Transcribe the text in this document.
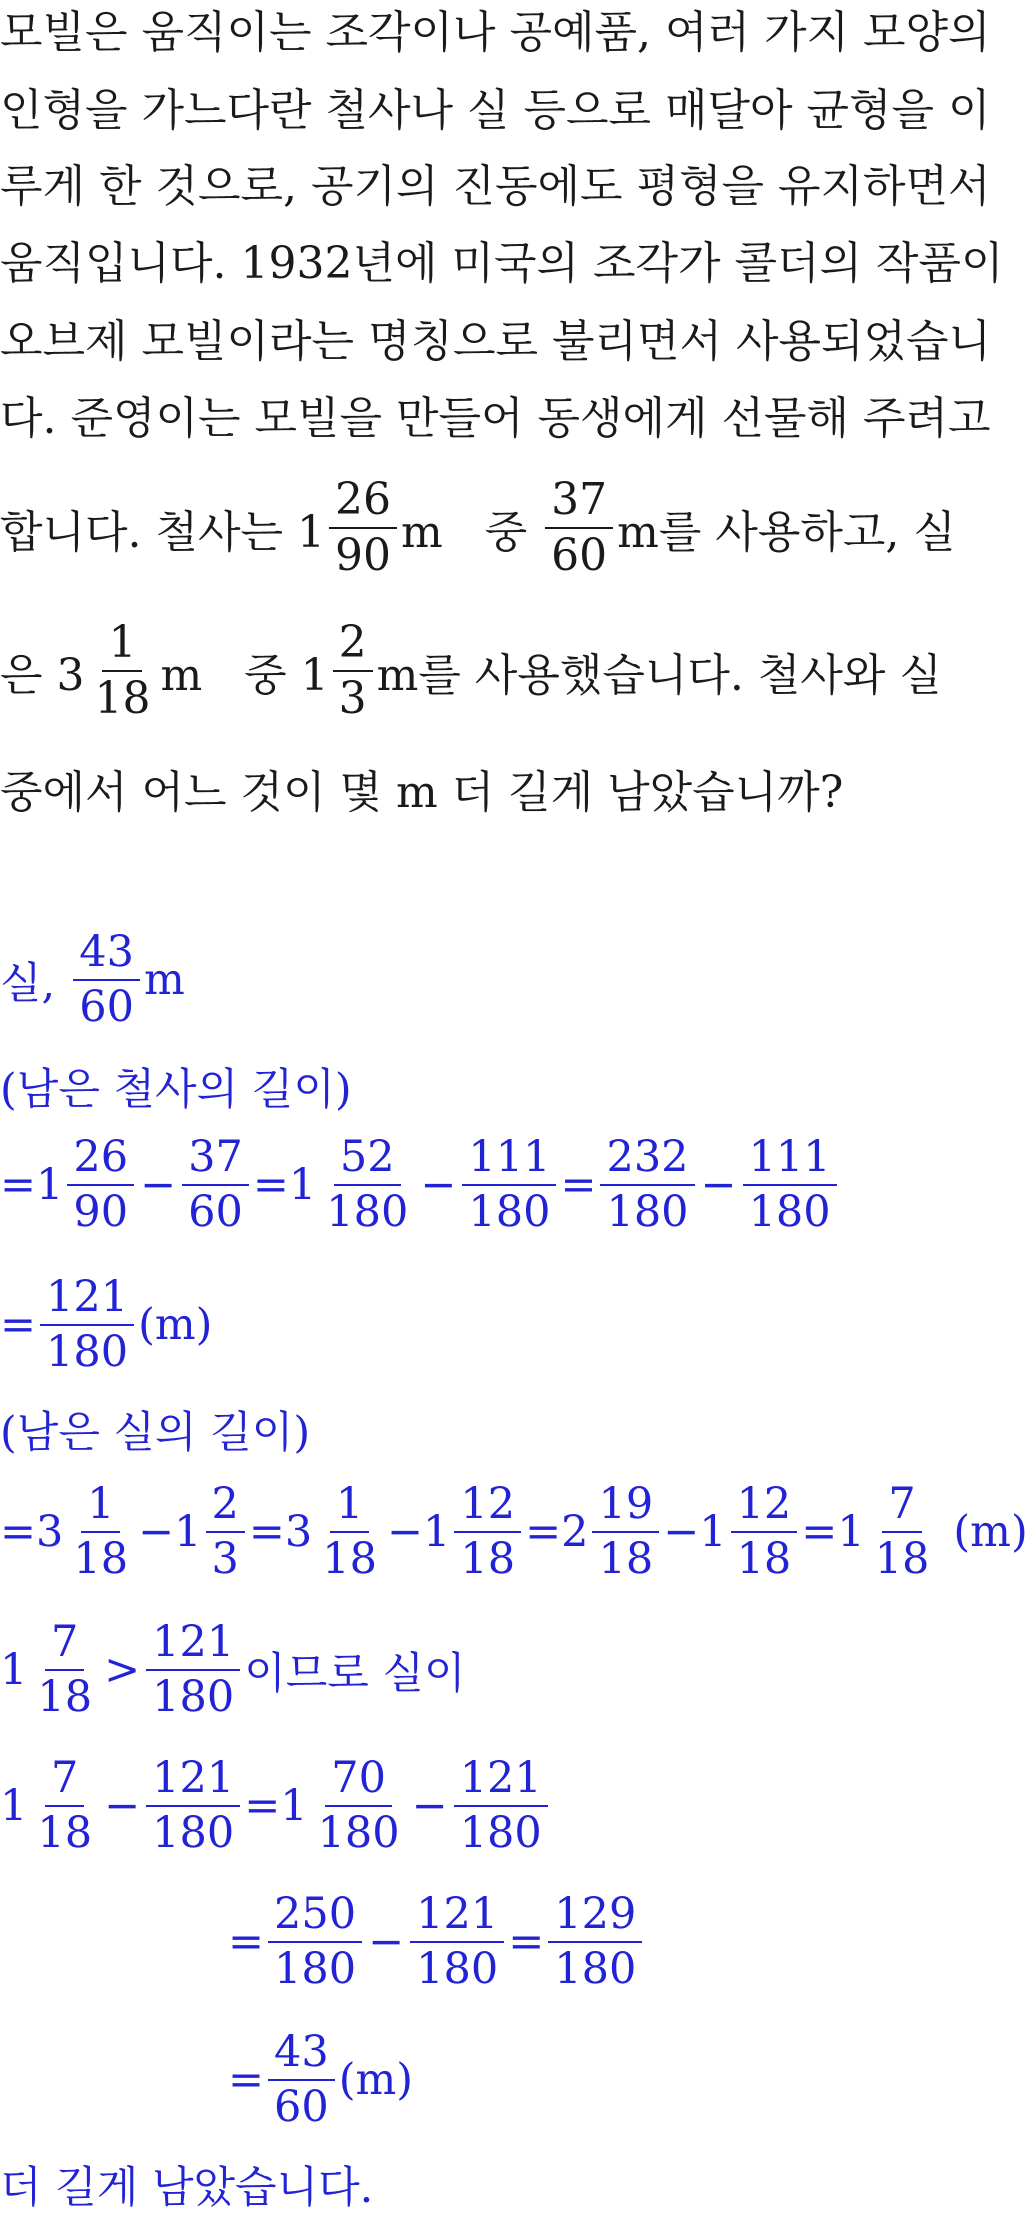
모빌은 움직이는 조각이나 공예품, 여러 가지 모양의
인형을 가느다란 철사나 실 등으로 매달아 균형을 이
루게 한 것으로, 공기의 진동에도 평형을 유지하면서
움직입니다. 1932년에 미국의 조각가 콜더의 작품이
오브제 모빌이라는 명칭으로 불리면서 사용되었습니
다. 준영이는 모빌을 만들어 동생에게 선물해 주려고
합니다. 철사는 1
26
90 m   중
37
60 m를 사용하고, 실
은 3
1
18 m   중 1
2
3 m를 사용했습니다. 철사와 실
중에서 어느 것이 몇 m 더 길게 남았습니까?
실,
43
60
m
(남은 철사의 길이)
=1
26
90
− $\frac{37}{60} =1$
52
180
− $\frac{111}{180} = \frac{232}{180} - \frac{111}{180}$
= $\frac{121}{180} (m)$
(남은 실의 길이)
=3
1
18
$-1 \frac{2}{3} =3$
1
18
$-1 \frac{12}{18} =2$
19
18
$-1 \frac{12}{18} =1$
7
18
(m)
1
7
18
>
121
180 이므로 실이
1
7
18
− $\frac{121}{180} =1$
70
180
− $\frac{121}{180}$
= $\frac{250}{180} - \frac{121}{180} = \frac{129}{180}$
= $\frac{43}{60} (m)$
더 길게 남았습니다.
